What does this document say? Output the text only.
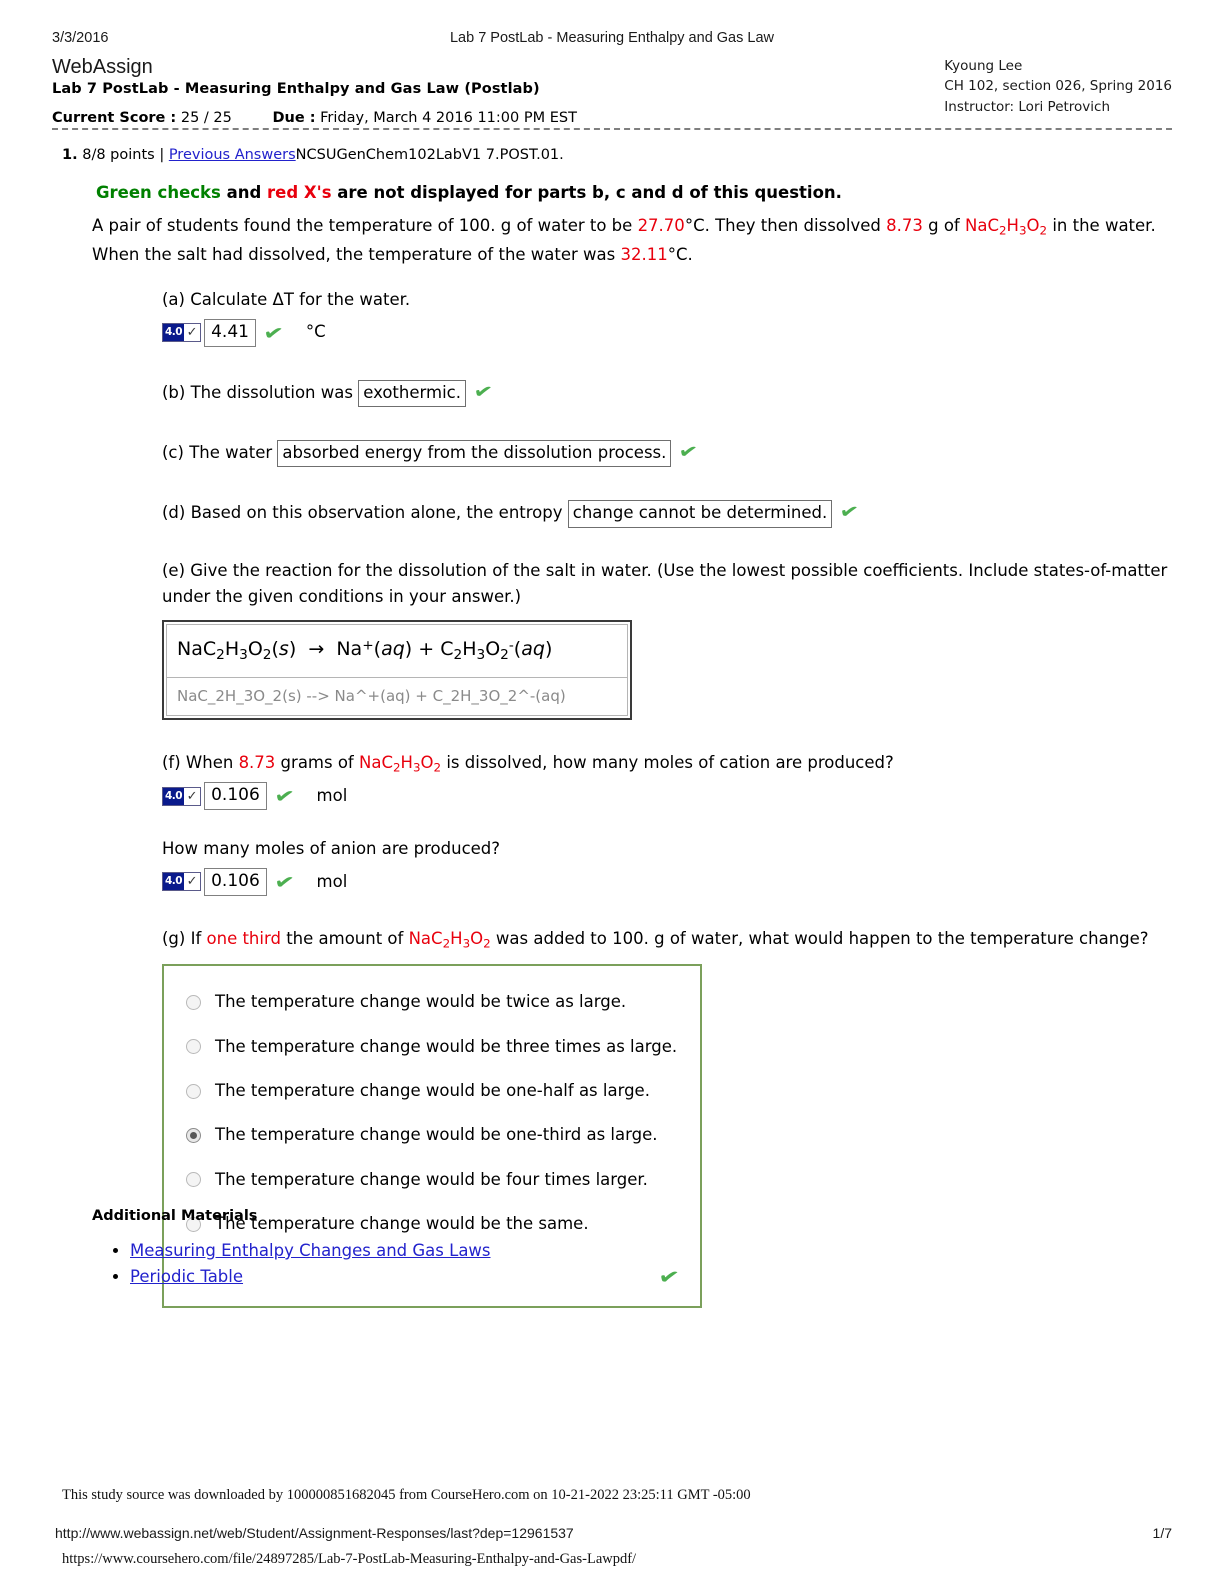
3/3/2016	Lab 7 PostLab - Measuring Enthalpy and Gas Law
WebAssign
Lab 7 PostLab - Measuring Enthalpy and Gas Law (Postlab)
Current Score : 25 / 25	Due : Friday, March 4 2016 11:00 PM EST
Kyoung Lee
CH 102, section 026, Spring 2016
Instructor: Lori Petrovich
1. 8/8 points | Previous AnswersNCSUGenChem102LabV1 7.POST.01.
Green checks and red X's are not displayed for parts b, c and d of this question.
A pair of students found the temperature of 100. g of water to be 27.70°C. They then dissolved 8.73 g of $NaC_2H_3O_2$ in the water. When the salt had dissolved, the temperature of the water was 32.11°C.
(a) Calculate ΔT for the water.
4.0 ✓ 4.41 ✔ °C
(b) The dissolution was exothermic. ✔
(c) The water absorbed energy from the dissolution process. ✔
(d) Based on this observation alone, the entropy change cannot be determined. ✔
(e) Give the reaction for the dissolution of the salt in water. (Use the lowest possible coefficients. Include states-of-matter under the given conditions in your answer.)
$NaC_2H_3O_2(s) \to Na^+(aq) + C_2H_3O_2^-(aq)$
NaC_2H_3O_2(s) --> Na^+(aq) + C_2H_3O_2^-(aq)
(f) When 8.73 grams of $NaC_2H_3O_2$ is dissolved, how many moles of cation are produced?
4.0 ✓ 0.106 ✔ mol
How many moles of anion are produced?
4.0 ✓ 0.106 ✔ mol
(g) If one third the amount of $NaC_2H_3O_2$ was added to 100. g of water, what would happen to the temperature change?
The temperature change would be twice as large.
The temperature change would be three times as large.
The temperature change would be one-half as large.
The temperature change would be one-third as large.
The temperature change would be four times larger.
The temperature change would be the same.
✔
Additional Materials
• Measuring Enthalpy Changes and Gas Laws
• Periodic Table
This study source was downloaded by 100000851682045 from CourseHero.com on 10-21-2022 23:25:11 GMT -05:00
http://www.webassign.net/web/Student/Assignment-Responses/last?dep=12961537	1/7
https://www.coursehero.com/file/24897285/Lab-7-PostLab-Measuring-Enthalpy-and-Gas-Lawpdf/
